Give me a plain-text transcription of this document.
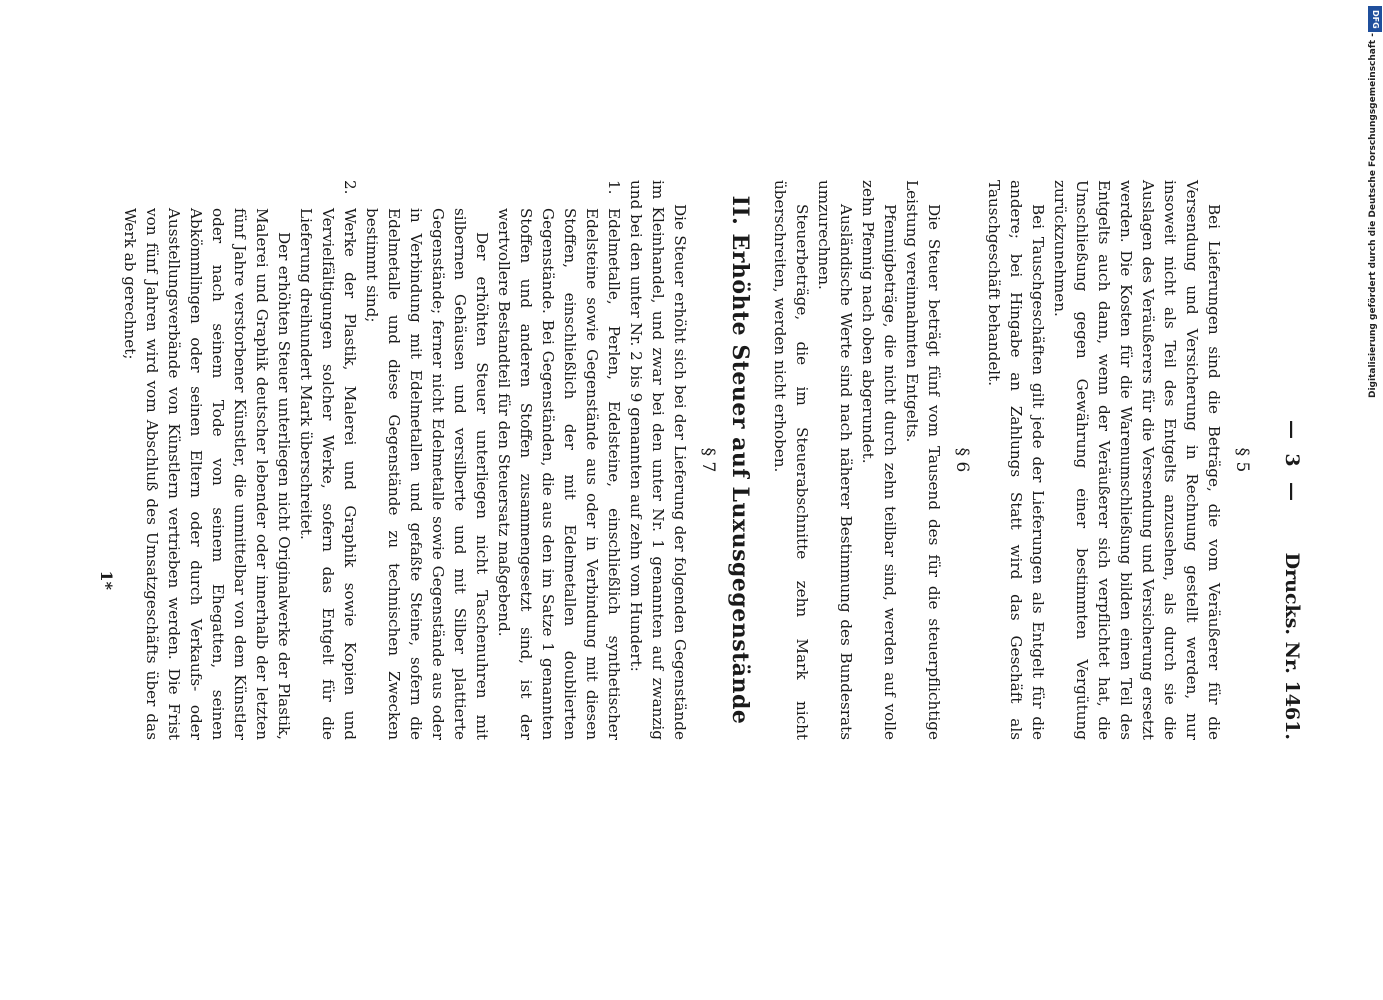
—
3
—
Drucks. Nr. 1461.
§ 5

Bei Lieferungen sind die Beträge, die vom Veräußerer für die Versendung und Versicherung in Rechnung gestellt werden, nur insoweit nicht als Teil des Entgelts anzusehen, als durch sie die Auslagen des Veräußerers für die Versendung und Versicherung ersetzt werden. Die Kosten für die Warenumschließung bilden einen Teil des Entgelts auch dann, wenn der Veräußerer sich verpflichtet hat, die Umschließung gegen Gewährung einer bestimmten Vergütung zurückzunehmen.

Bei Tauschgeschäften gilt jede der Lieferungen als Entgelt für die andere; bei Hingabe an Zahlungs Statt wird das Geschäft als Tauschgeschäft behandelt.

§ 6

Die Steuer beträgt fünf vom Tausend des für die steuerpflichtige Leistung vereinnahmten Entgelts.

Pfennigbeträge, die nicht durch zehn teilbar sind, werden auf volle zehn Pfennig nach oben abgerundet.

Ausländische Werte sind nach näherer Bestimmung des Bundesrats umzurechnen.

Steuerbeträge, die im Steuerabschnitte zehn Mark nicht überschreiten, werden nicht erhoben.

II. Erhöhte Steuer auf Luxusgegenstände
§ 7

Die Steuer erhöht sich bei der Lieferung der folgenden Gegenstände im Kleinhandel, und zwar bei den unter Nr. 1 genannten auf zwanzig und bei den unter Nr. 2 bis 9 genannten auf zehn vom Hundert:

1.

Edelmetalle, Perlen, Edelsteine, einschließlich synthetischer Edelsteine sowie Gegenstände aus oder in Verbindung mit diesen Stoffen, einschließlich der mit Edelmetallen doublierten Gegenstände. Bei Gegenständen, die aus den im Satze 1 genannten Stoffen und anderen Stoffen zusammengesetzt sind, ist der wertvollere Bestandteil für den Steuersatz maßgebend.

Der erhöhten Steuer unterliegen nicht Taschenuhren mit silbernen Gehäusen und versilberte und mit Silber plattierte Gegenstände; ferner nicht Edelmetalle sowie Gegenstände aus oder in Verbindung mit Edelmetallen und gefaßte Steine, sofern die Edelmetalle und diese Gegenstände zu technischen Zwecken bestimmt sind;

2.

Werke der Plastik, Malerei und Graphik sowie Kopien und Vervielfältigungen solcher Werke, sofern das Entgelt für die Lieferung dreihundert Mark überschreitet.

Der erhöhten Steuer unterliegen nicht Originalwerke der Plastik, Malerei und Graphik deutscher lebender oder innerhalb der letzten fünf Jahre verstorbener Künstler, die unmittelbar von dem Künstler oder nach seinem Tode von seinem Ehegatten, seinen Abkömmlingen oder seinen Eltern oder durch Verkaufs- oder Ausstellungsverbände von Künstlern vertrieben werden. Die Frist von fünf Jahren wird vom Abschluß des Umsatzgeschäfts über das Werk ab gerechnet;

1*
DFG
Digitalisierung gefördert durch die Deutsche Forschungsgemeinschaft -
